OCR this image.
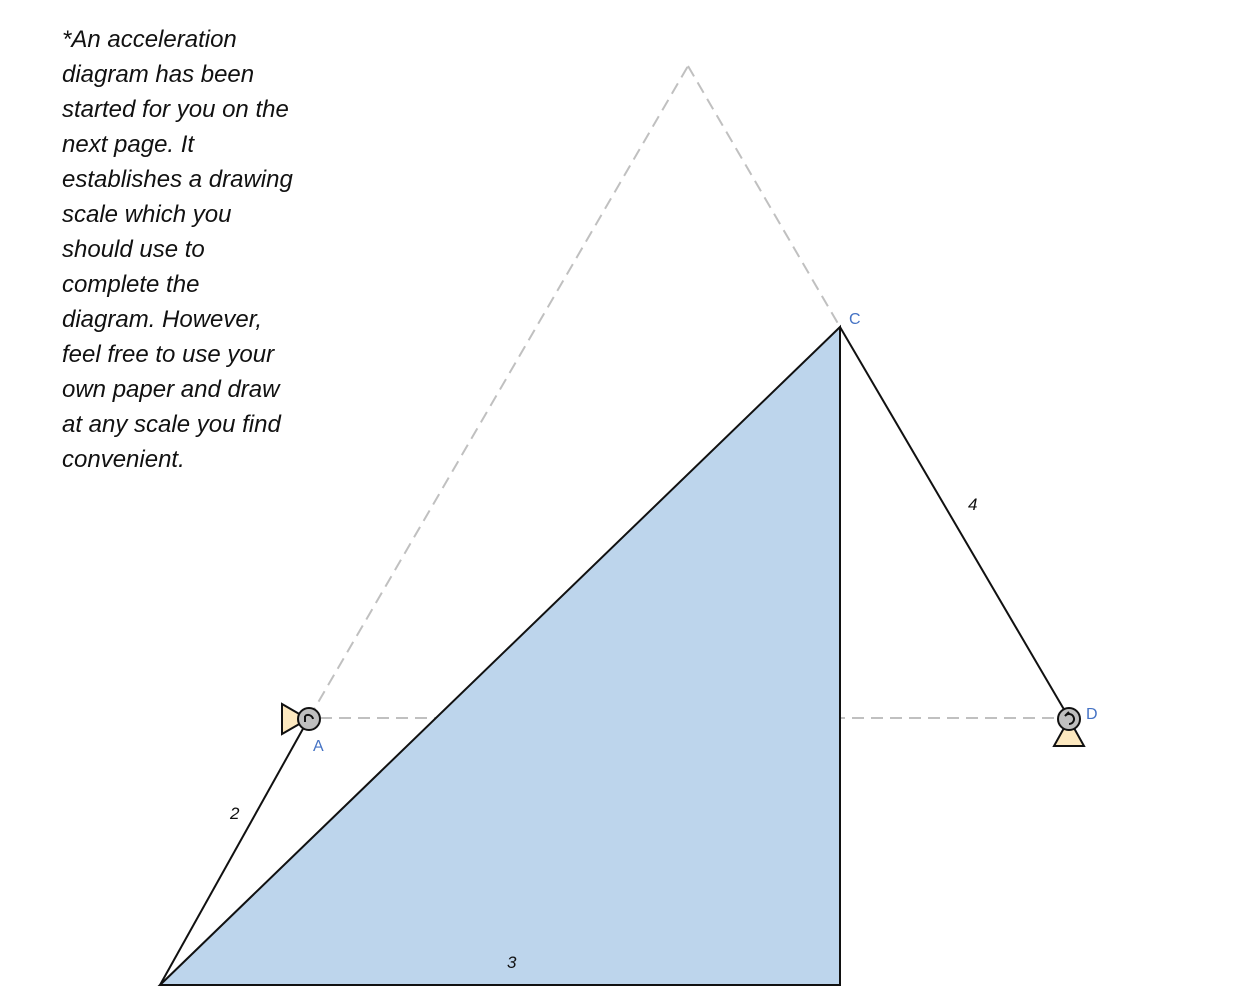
*An acceleration
diagram has been
started for you on the
next page. It
establishes a drawing
scale which you
should use to
complete the
diagram. However,
feel free to use your
own paper and draw
at any scale you find
convenient.
A
C
D
2
3
4
